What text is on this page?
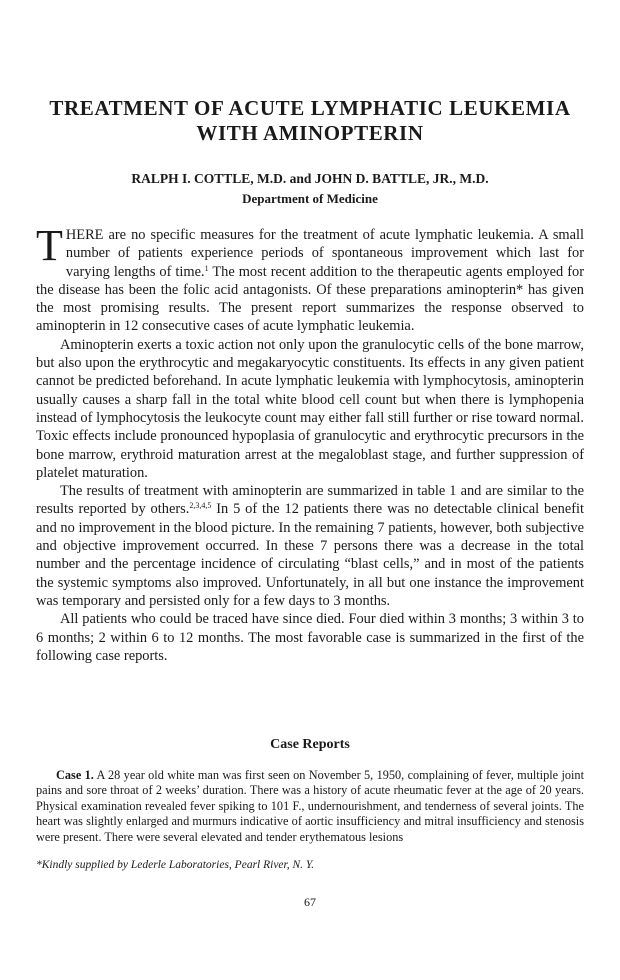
TREATMENT OF ACUTE LYMPHATIC LEUKEMIA
WITH AMINOPTERIN

RALPH I. COTTLE, M.D. and JOHN D. BATTLE, JR., M.D.

Department of Medicine

THERE are no specific measures for the treatment of acute lymphatic leukemia. A small number of patients experience periods of spontaneous improvement which last for varying lengths of time.$^1$ The most recent addition to the therapeutic agents employed for the disease has been the folic acid antagonists. Of these preparations aminopterin* has given the most promising results. The present report summarizes the response observed to aminopterin in 12 consecutive cases of acute lymphatic leukemia.

Aminopterin exerts a toxic action not only upon the granulocytic cells of the bone marrow, but also upon the erythrocytic and megakaryocytic constituents. Its effects in any given patient cannot be predicted beforehand. In acute lymphatic leukemia with lymphocytosis, aminopterin usually causes a sharp fall in the total white blood cell count but when there is lymphopenia instead of lymphocytosis the leukocyte count may either fall still further or rise toward normal. Toxic effects include pronounced hypoplasia of granulocytic and erythrocytic precursors in the bone marrow, erythroid maturation arrest at the megaloblast stage, and further suppression of platelet maturation.

The results of treatment with aminopterin are summarized in table 1 and are similar to the results reported by others.$^{2,3,4,5}$ In 5 of the 12 patients there was no detectable clinical benefit and no improvement in the blood picture. In the remaining 7 patients, however, both subjective and objective improvement occurred. In these 7 persons there was a decrease in the total number and the percentage incidence of circulating “blast cells,” and in most of the patients the systemic symptoms also improved. Unfortunately, in all but one instance the improvement was temporary and persisted only for a few days to 3 months.

All patients who could be traced have since died. Four died within 3 months; 3 within 3 to 6 months; 2 within 6 to 12 months. The most favorable case is summarized in the first of the following case reports.

Case Reports

Case 1. A 28 year old white man was first seen on November 5, 1950, complaining of fever, multiple joint pains and sore throat of 2 weeks’ duration. There was a history of acute rheumatic fever at the age of 20 years. Physical examination revealed fever spiking to 101 F., undernourishment, and tenderness of several joints. The heart was slightly enlarged and murmurs indicative of aortic insufficiency and mitral insufficiency and stenosis were present. There were several elevated and tender erythematous lesions

*Kindly supplied by Lederle Laboratories, Pearl River, N. Y.

67
